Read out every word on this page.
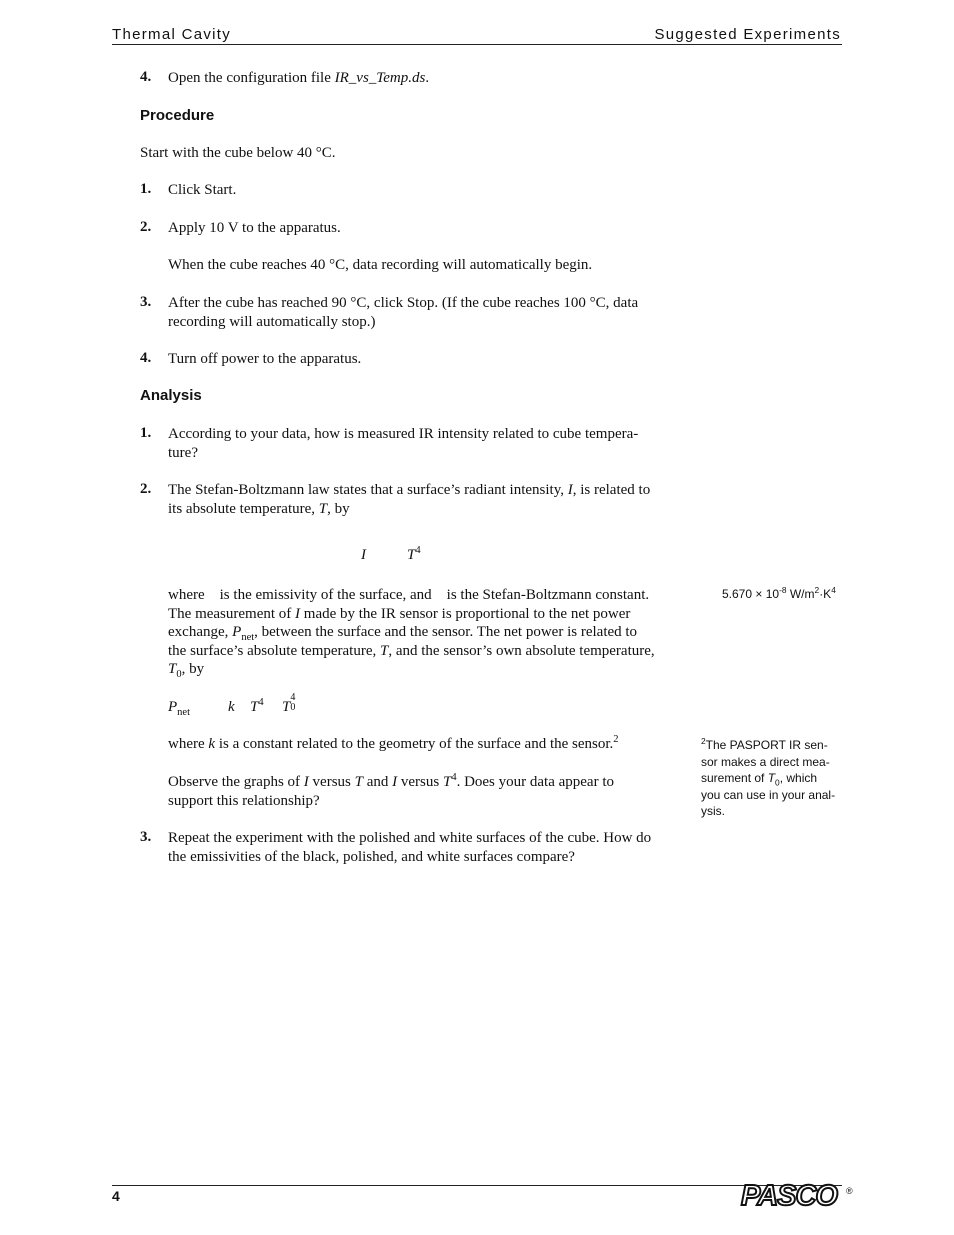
Thermal Cavity	Suggested Experiments
4. Open the configuration file IR_vs_Temp.ds.
Procedure
Start with the cube below 40 °C.
1. Click Start.
2. Apply 10 V to the apparatus.
When the cube reaches 40 °C, data recording will automatically begin.
3. After the cube has reached 90 °C, click Stop. (If the cube reaches 100 °C, data
recording will automatically stop.)
4. Turn off power to the apparatus.
Analysis
1. According to your data, how is measured IR intensity related to cube tempera-
ture?
2. The Stefan-Boltzmann law states that a surface’s radiant intensity, I, is related to
its absolute temperature, T, by
I	$T^4$
where    is the emissivity of the surface, and    is the Stefan-Boltzmann constant.
The measurement of I made by the IR sensor is proportional to the net power
exchange, $P_{net}$, between the surface and the sensor. The net power is related to
the surface’s absolute temperature, T, and the sensor’s own absolute temperature,
$T_0$, by
$P_{net}$	k $T^4$ T4
0
where k is a constant related to the geometry of the surface and the sensor.$^2$
Observe the graphs of I versus T and I versus $T^4$. Does your data appear to
support this relationship?
3. Repeat the experiment with the polished and white surfaces of the cube. How do
the emissivities of the black, polished, and white surfaces compare?
$5.670 \times 10^{-8}$ $W/m^2\cdot K^4$
$^2$The PASPORT IR sen-
sor makes a direct mea-
surement of $T_0$, which
you can use in your anal-
ysis.
4	PASCO ®
